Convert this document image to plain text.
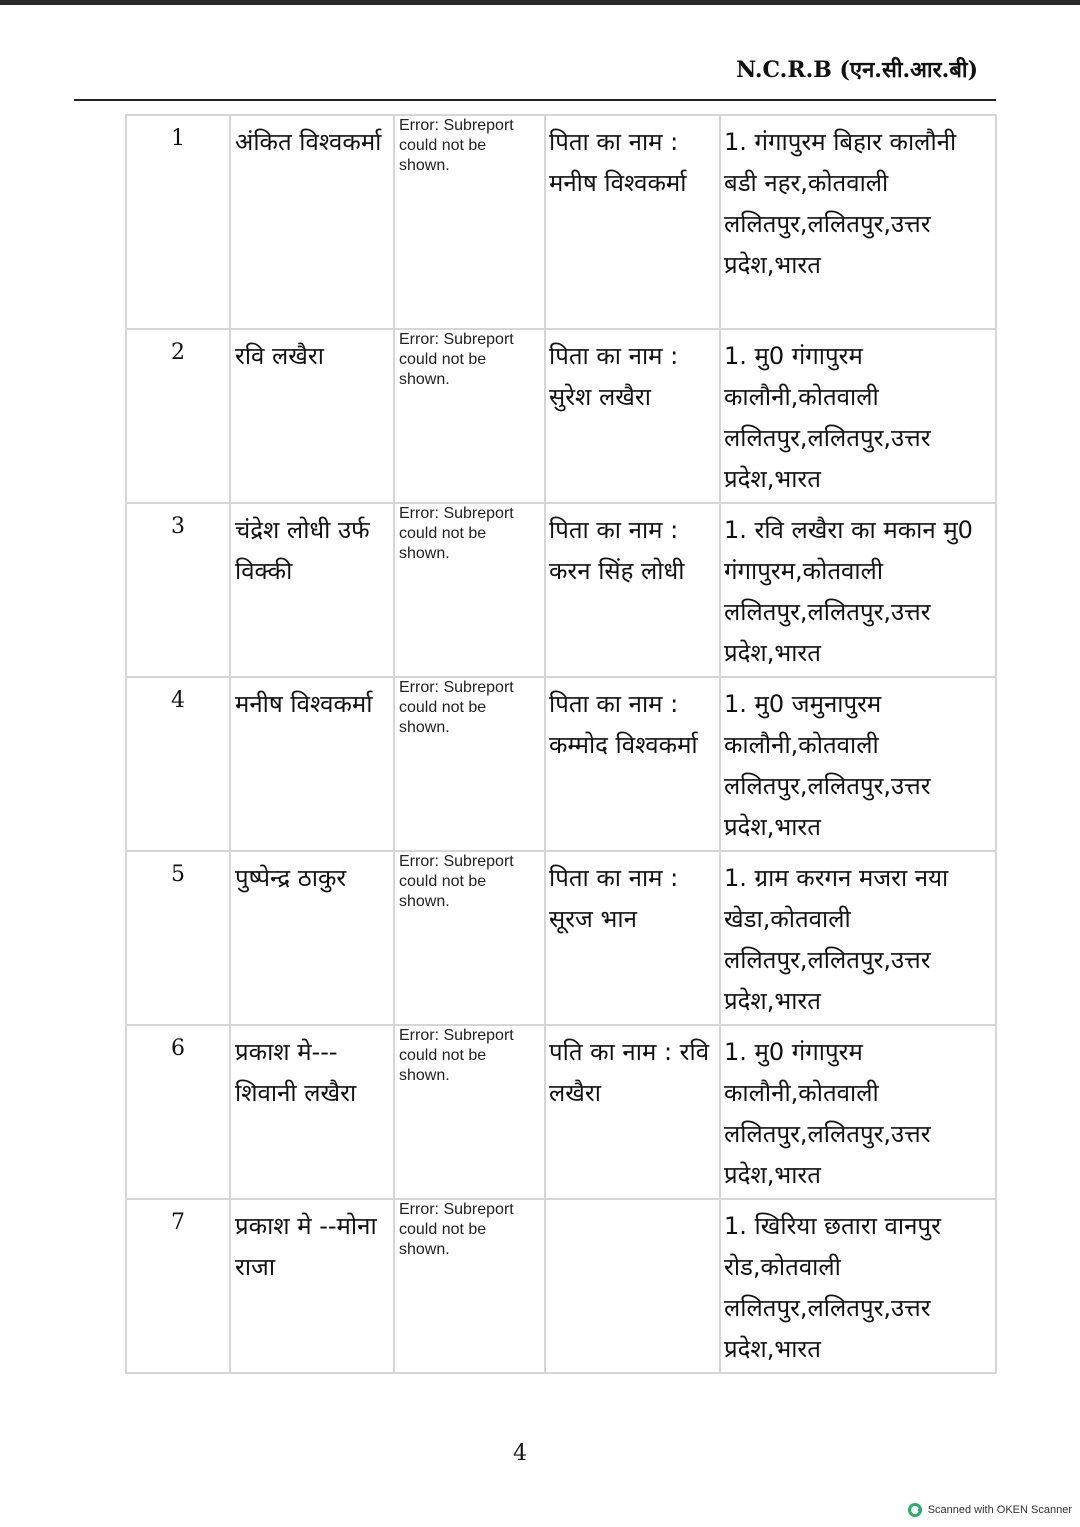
N.C.R.B (एन.सी.आर.बी)
1	अंकित विश्वकर्मा	Error: Subreport could not be shown.	पिता का नाम : मनीष विश्वकर्मा	1. गंगापुरम बिहार कालौनी बडी नहर,कोतवाली ललितपुर,ललितपुर,उत्तर प्रदेश,भारत

2	रवि लखैरा	Error: Subreport could not be shown.	पिता का नाम : सुरेश लखैरा	1. मु0 गंगापुरम कालौनी,कोतवाली ललितपुर,ललितपुर,उत्तर प्रदेश,भारत

3	चंद्रेश लोधी उर्फ विक्की	Error: Subreport could not be shown.	पिता का नाम : करन सिंह लोधी	1. रवि लखैरा का मकान मु0 गंगापुरम,कोतवाली ललितपुर,ललितपुर,उत्तर प्रदेश,भारत

4	मनीष विश्वकर्मा	Error: Subreport could not be shown.	पिता का नाम : कम्मोद विश्वकर्मा	1. मु0 जमुनापुरम कालौनी,कोतवाली ललितपुर,ललितपुर,उत्तर प्रदेश,भारत

5	पुष्पेन्द्र ठाकुर	Error: Subreport could not be shown.	पिता का नाम : सूरज भान	1. ग्राम करगन मजरा नया खेडा,कोतवाली ललितपुर,ललितपुर,उत्तर प्रदेश,भारत

6	प्रकाश मे--- शिवानी लखैरा	Error: Subreport could not be shown.	पति का नाम : रवि लखैरा	1. मु0 गंगापुरम कालौनी,कोतवाली ललितपुर,ललितपुर,उत्तर प्रदेश,भारत

7	प्रकाश मे --मोना राजा	Error: Subreport could not be shown.		1. खिरिया छतारा वानपुर रोड,कोतवाली ललितपुर,ललितपुर,उत्तर प्रदेश,भारत
4
Scanned with OKEN Scanner
